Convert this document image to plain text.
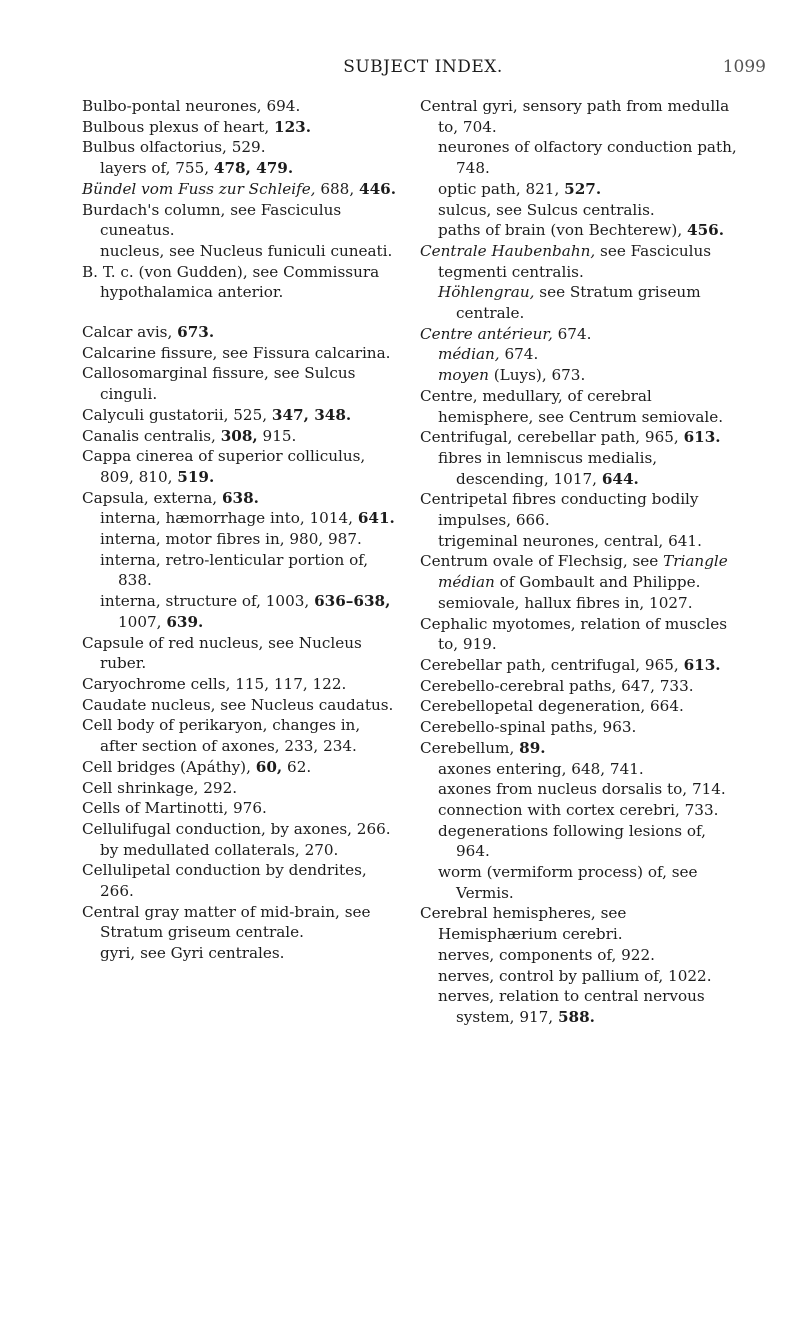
SUBJECT INDEX.	1099

Bulbo-pontal neurones, 694.

Bulbous plexus of heart, 123.

Bulbus olfactorius, 529.

layers of, 755, 478, 479.

Bündel vom Fuss zur Schleife, 688, 446.

Burdach's column, see Fasciculus cuneatus.

nucleus, see Nucleus funiculi cuneati.

B. T. c. (von Gudden), see Commissura hypothalamica anterior.

Calcar avis, 673.

Calcarine fissure, see Fissura calcarina.

Callosomarginal fissure, see Sulcus cinguli.

Calyculi gustatorii, 525, 347, 348.

Canalis centralis, 308, 915.

Cappa cinerea of superior colliculus, 809, 810, 519.

Capsula, externa, 638.

interna, hæmorrhage into, 1014, 641.

interna, motor fibres in, 980, 987.

interna, retro-lenticular portion of, 838.

interna, structure of, 1003, 636–638, 1007, 639.

Capsule of red nucleus, see Nucleus ruber.

Caryochrome cells, 115, 117, 122.

Caudate nucleus, see Nucleus caudatus.

Cell body of perikaryon, changes in, after section of axones, 233, 234.

Cell bridges (Apáthy), 60, 62.

Cell shrinkage, 292.

Cells of Martinotti, 976.

Cellulifugal conduction, by axones, 266.

by medullated collaterals, 270.

Cellulipetal conduction by dendrites, 266.

Central gray matter of mid-brain, see Stratum griseum centrale.

gyri, see Gyri centrales.

Central gyri, sensory path from medulla to, 704.

neurones of olfactory conduction path, 748.

optic path, 821, 527.

sulcus, see Sulcus centralis.

paths of brain (von Bechterew), 456.

Centrale Haubenbahn, see Fasciculus tegmenti centralis.

Höhlengrau, see Stratum griseum centrale.

Centre antérieur, 674.

médian, 674.

moyen (Luys), 673.

Centre, medullary, of cerebral hemisphere, see Centrum semiovale.

Centrifugal, cerebellar path, 965, 613.

fibres in lemniscus medialis, descending, 1017, 644.

Centripetal fibres conducting bodily impulses, 666.

trigeminal neurones, central, 641.

Centrum ovale of Flechsig, see Triangle médian of Gombault and Philippe.

semiovale, hallux fibres in, 1027.

Cephalic myotomes, relation of muscles to, 919.

Cerebellar path, centrifugal, 965, 613.

Cerebello-cerebral paths, 647, 733.

Cerebellopetal degeneration, 664.

Cerebello-spinal paths, 963.

Cerebellum, 89.

axones entering, 648, 741.

axones from nucleus dorsalis to, 714.

connection with cortex cerebri, 733.

degenerations following lesions of, 964.

worm (vermiform process) of, see Vermis.

Cerebral hemispheres, see Hemisphærium cerebri.

nerves, components of, 922.

nerves, control by pallium of, 1022.

nerves, relation to central nervous system, 917, 588.
